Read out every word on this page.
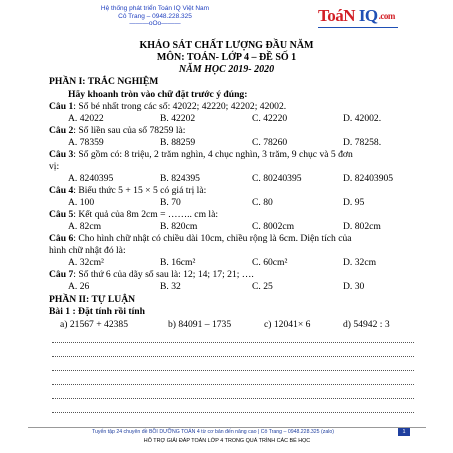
Hệ thống phát triển Toán IQ Việt Nam
Cô Trang – 0948.228.325
———oOo———	ToáN IQ.com
KHẢO SÁT CHẤT LƯỢNG ĐẦU NĂM
MÔN: TOÁN- LỚP 4 – ĐỀ SỐ 1
NĂM HỌC 2019- 2020
PHẦN I: TRẮC NGHIỆM
Hãy khoanh tròn vào chữ đặt trước ý đúng:
Câu 1: Số bé nhất trong các số: 42022; 42220; 42202; 42002.
A. 42022	B. 42202	C. 42220	D. 42002.
Câu 2: Số liền sau của số 78259 là:
A. 78359	B. 88259	C. 78260	D. 78258.
Câu 3: Số gồm có: 8 triệu, 2 trăm nghìn, 4 chục nghìn, 3 trăm, 9 chục và 5 đơn
vị:
A. 8240395	B. 824395	C. 80240395	D. 82403905
Câu 4: Biểu thức 5 + 15 × 5 có giá trị là:
A. 100	B. 70	C. 80	D. 95
Câu 5: Kết quả của 8m 2cm = …….. cm là:
A. 82cm	B. 820cm	C. 8002cm	D. 802cm
Câu 6: Cho hình chữ nhật có chiều dài 10cm, chiều rộng là 6cm. Diện tích của
hình chữ nhật đó là:
A. 32cm²	B. 16cm²	C. 60cm²	D. 32cm
Câu 7: Số thứ 6 của dãy số sau là: 12; 14; 17; 21; ….
A. 26	B. 32	C. 25	D. 30
PHẦN II: TỰ LUẬN
Bài 1 : Đặt tính rồi tính
a) 21567 + 42385	b) 84091 – 1735	c) 12041× 6	d) 54942 : 3
Tuyển tập 24 chuyên đề BỒI DƯỠNG TOÁN 4 từ cơ bản đến nâng cao | Cô Trang – 0948.228.325 (zalo)	1
HỖ TRỢ GIẢI ĐÁP TOÁN LỚP 4 TRONG QUÁ TRÌNH CÁC BÉ HỌC
